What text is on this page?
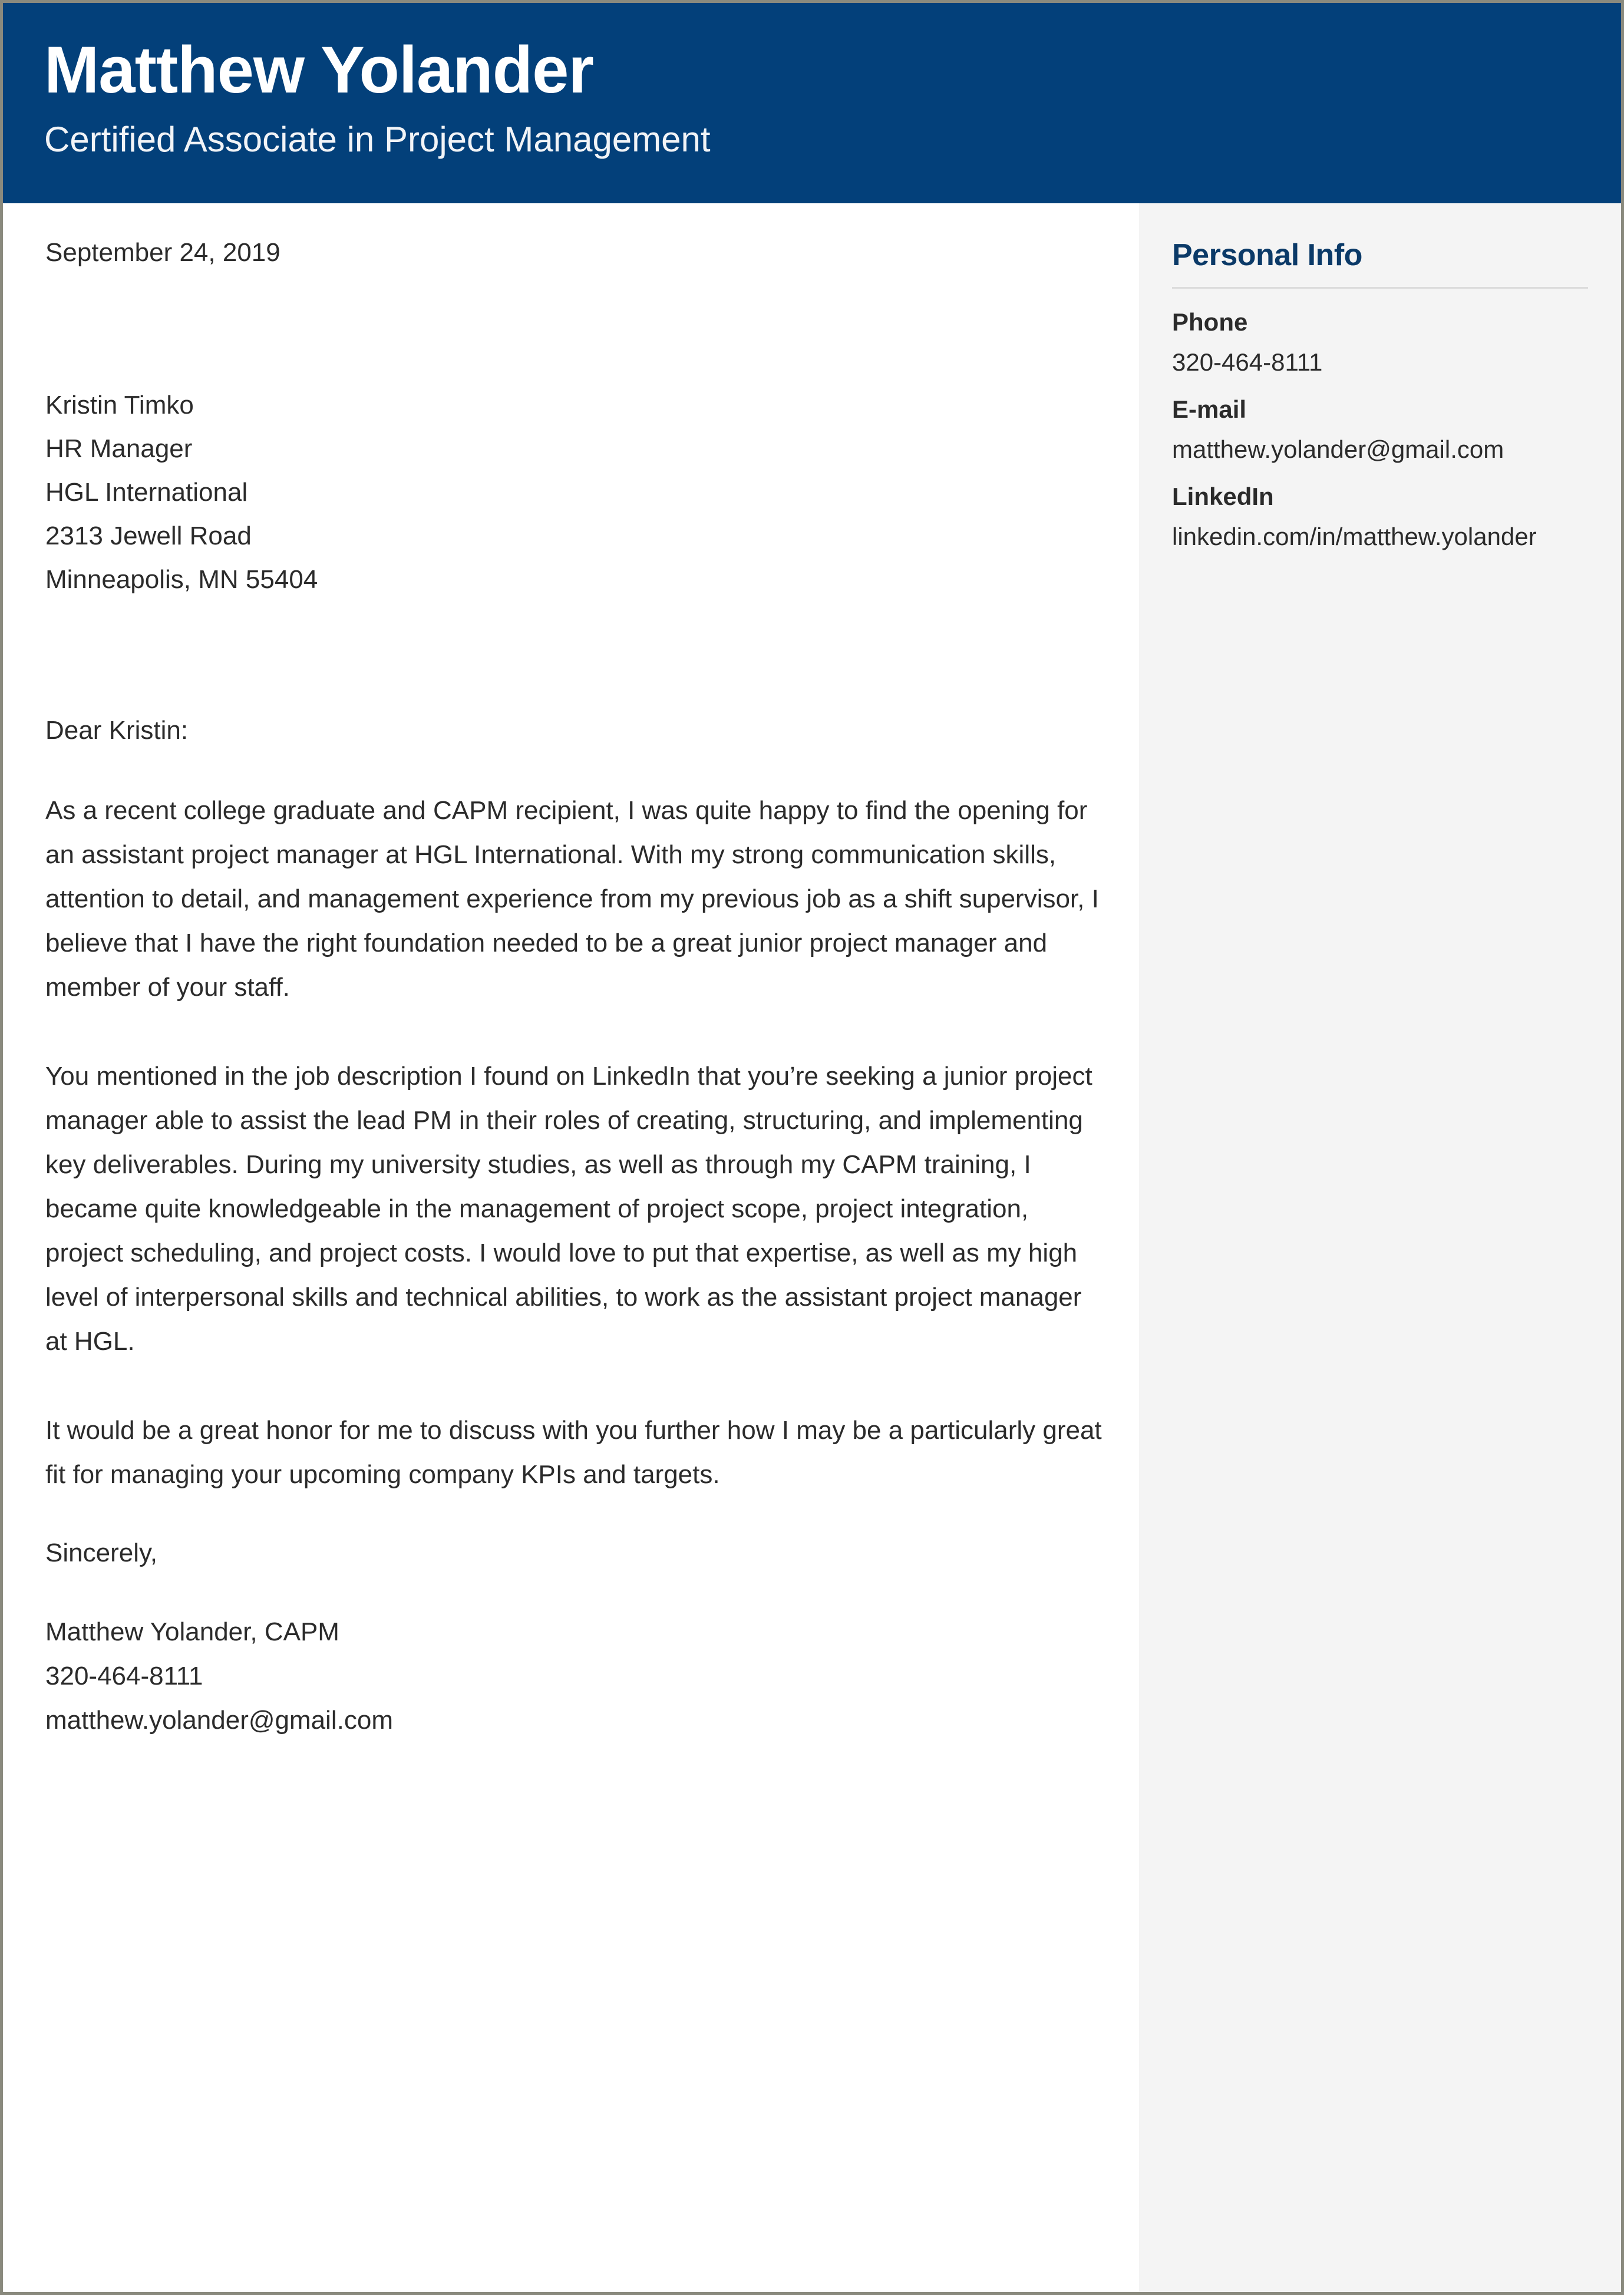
Matthew Yolander
Certified Associate in Project Management
September 24, 2019
Kristin Timko
HR Manager
HGL International
2313 Jewell Road
Minneapolis, MN 55404
Dear Kristin:
As a recent college graduate and CAPM recipient, I was quite happy to find the opening for an assistant project manager at HGL International. With my strong communication skills, attention to detail, and management experience from my previous job as a shift supervisor, I believe that I have the right foundation needed to be a great junior project manager and member of your staff.
You mentioned in the job description I found on LinkedIn that you’re seeking a junior project manager able to assist the lead PM in their roles of creating, structuring, and implementing key deliverables. During my university studies, as well as through my CAPM training, I became quite knowledgeable in the management of project scope, project integration, project scheduling, and project costs. I would love to put that expertise, as well as my high level of interpersonal skills and technical abilities, to work as the assistant project manager at HGL.
It would be a great honor for me to discuss with you further how I may be a particularly great fit for managing your upcoming company KPIs and targets.
Sincerely,
Matthew Yolander, CAPM
320-464-8111
matthew.yolander@gmail.com
Personal Info
Phone
320-464-8111
E-mail
matthew.yolander@gmail.com
LinkedIn
linkedin.com/in/matthew.yolander
